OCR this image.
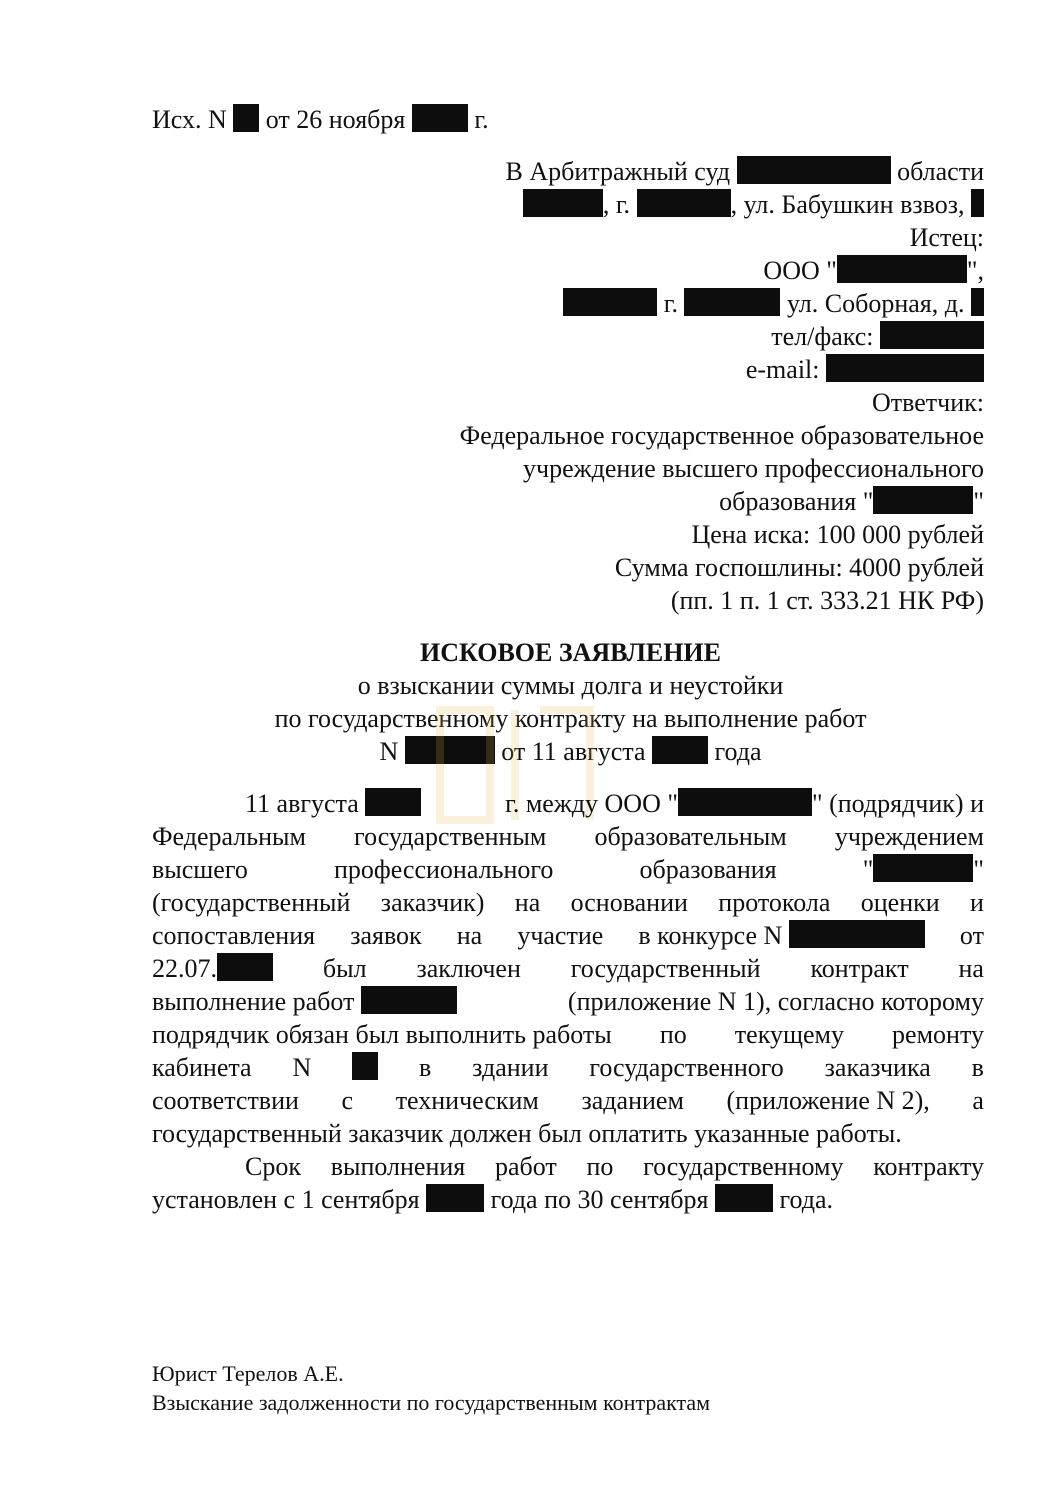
Исх. N от 26 ноября	г.
В Арбитражный суд	области
, г.	, ул. Бабушкин взвоз,
Истец:
ООО "	",
г.	ул. Соборная, д.
тел/факс:
e-mail:
Ответчик:
Федеральное государственное образовательное
учреждение высшего профессионального
образования "	"
Цена иска: 100 000 рублей
Сумма госпошлины: 4000 рублей
(пп. 1 п. 1 ст. 333.21 НК РФ)
ИСКОВОЕ ЗАЯВЛЕНИЕ
о взыскании суммы долга и неустойки
по государственному контракту на выполнение работ
N	от 11 августа	года
11 августа	г. между ООО "	" (подрядчик) и
Федеральным государственным образовательным учреждением
высшего	профессионального	образования	"	"
(государственный заказчик) на основании протокола оценки и
сопоставления заявок на участие в конкурсе N	от
22.07.	был заключен государственный контракт на
выполнение работ	(приложение N 1), согласно которому
подрядчик обязан был выполнить работы по текущему ремонту
кабинета N	в здании государственного заказчика в
соответствии с техническим заданием (приложение N 2), а
государственный заказчик должен был оплатить указанные работы.
Срок выполнения работ по государственному контракту
установлен с 1 сентября

	года по 30 сентября

	года.
Юрист Терелов А.Е.
Взыскание задолженности по государственным контрактам
